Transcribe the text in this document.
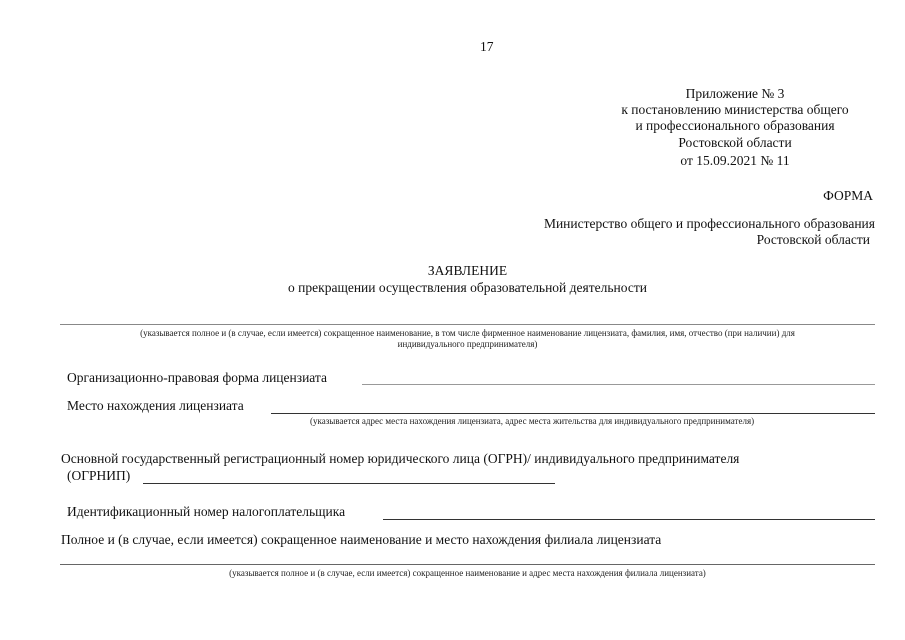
17
Приложение № 3
к постановлению министерства общего
и профессионального образования
Ростовской области
от 15.09.2021 № 11
ФОРМА
Министерство общего и профессионального образования
Ростовской области
ЗАЯВЛЕНИЕ
о прекращении осуществления образовательной деятельности
(указывается полное и (в случае, если имеется) сокращенное наименование, в том числе фирменное наименование лицензиата, фамилия, имя, отчество (при наличии) для
индивидуального предпринимателя)
Организационно-правовая форма лицензиата
Место нахождения лицензиата
(указывается адрес места нахождения лицензиата, адрес места жительства для индивидуального предпринимателя)
Основной государственный регистрационный номер юридического лица (ОГРН)/ индивидуального предпринимателя
(ОГРНИП)
Идентификационный номер налогоплательщика
Полное и (в случае, если имеется) сокращенное наименование и место нахождения филиала лицензиата
(указывается полное и (в случае, если имеется) сокращенное наименование и адрес места нахождения филиала лицензиата)
